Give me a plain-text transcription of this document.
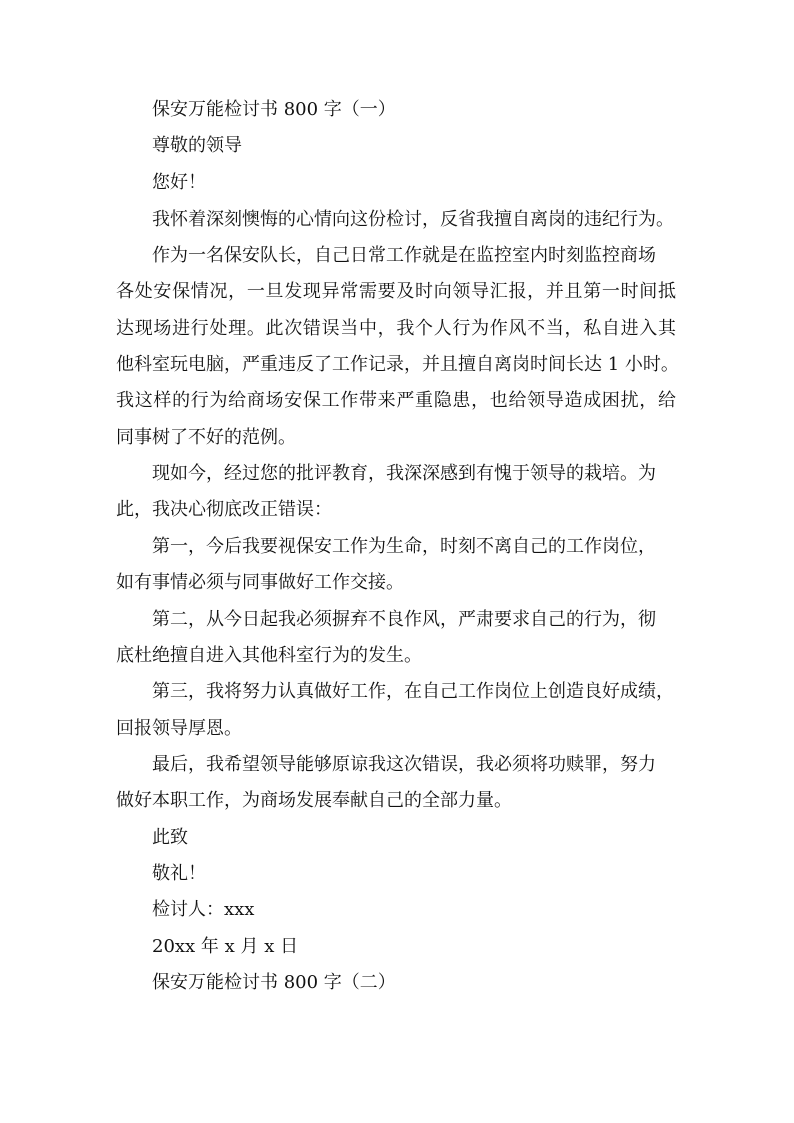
保安万能检讨书 800 字（一）
尊敬的领导
您好！
我怀着深刻懊悔的心情向这份检讨，反省我擅自离岗的违纪行为。
作为一名保安队长，自己日常工作就是在监控室内时刻监控商场
各处安保情况，一旦发现异常需要及时向领导汇报，并且第一时间抵
达现场进行处理。此次错误当中，我个人行为作风不当，私自进入其
他科室玩电脑，严重违反了工作记录，并且擅自离岗时间长达 1 小时。
我这样的行为给商场安保工作带来严重隐患，也给领导造成困扰，给
同事树了不好的范例。
现如今，经过您的批评教育，我深深感到有愧于领导的栽培。为
此，我决心彻底改正错误：
第一，今后我要视保安工作为生命，时刻不离自己的工作岗位，
如有事情必须与同事做好工作交接。
第二，从今日起我必须摒弃不良作风，严肃要求自己的行为，彻
底杜绝擅自进入其他科室行为的发生。
第三，我将努力认真做好工作，在自己工作岗位上创造良好成绩，
回报领导厚恩。
最后，我希望领导能够原谅我这次错误，我必须将功赎罪，努力
做好本职工作，为商场发展奉献自己的全部力量。
此致
敬礼！
检讨人：xxx
20xx 年 x 月 x 日
保安万能检讨书 800 字（二）
